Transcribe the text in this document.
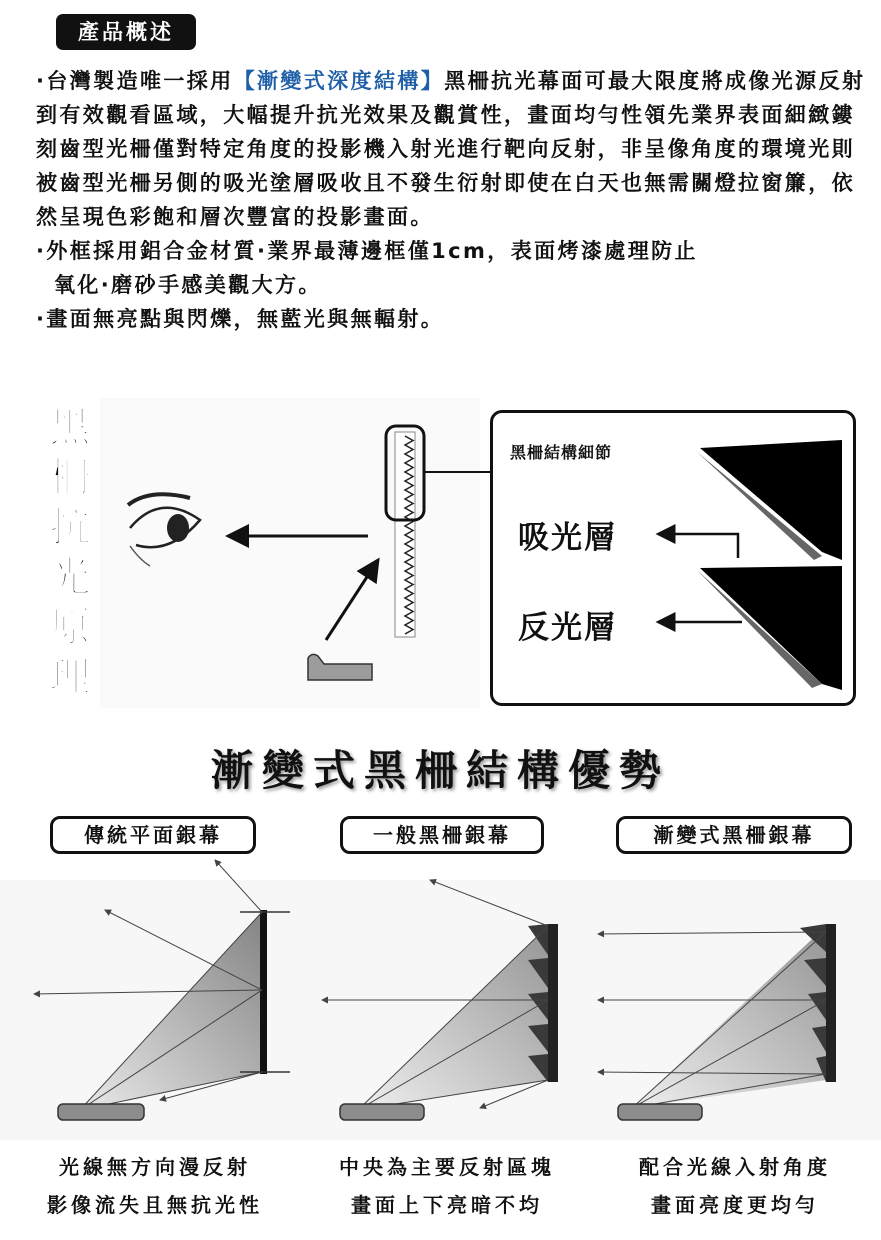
產品概述

·台灣製造唯一採用【漸變式深度結構】黑柵抗光幕面可最大限度將成像光源反射到有效觀看區域，大幅提升抗光效果及觀賞性，畫面均勻性領先業界表面細緻鏤刻齒型光柵僅對特定角度的投影機入射光進行靶向反射，非呈像角度的環境光則被齒型光柵另側的吸光塗層吸收且不發生衍射即使在白天也無需關燈拉窗簾，依然呈現色彩飽和層次豐富的投影畫面。

·外框採用鋁合金材質·業界最薄邊框僅1cm，表面烤漆處理防止
氧化·磨砂手感美觀大方。

·畫面無亮點與閃爍，無藍光與無輻射。

黑
柵
抗
光
原
理
黑柵結構細節
吸光層
反光層
漸變式黑柵結構優勢
傳統平面銀幕	一般黑柵銀幕	漸變式黑柵銀幕
光線無方向漫反射
影像流失且無抗光性
中央為主要反射區塊
畫面上下亮暗不均
配合光線入射角度
畫面亮度更均勻
